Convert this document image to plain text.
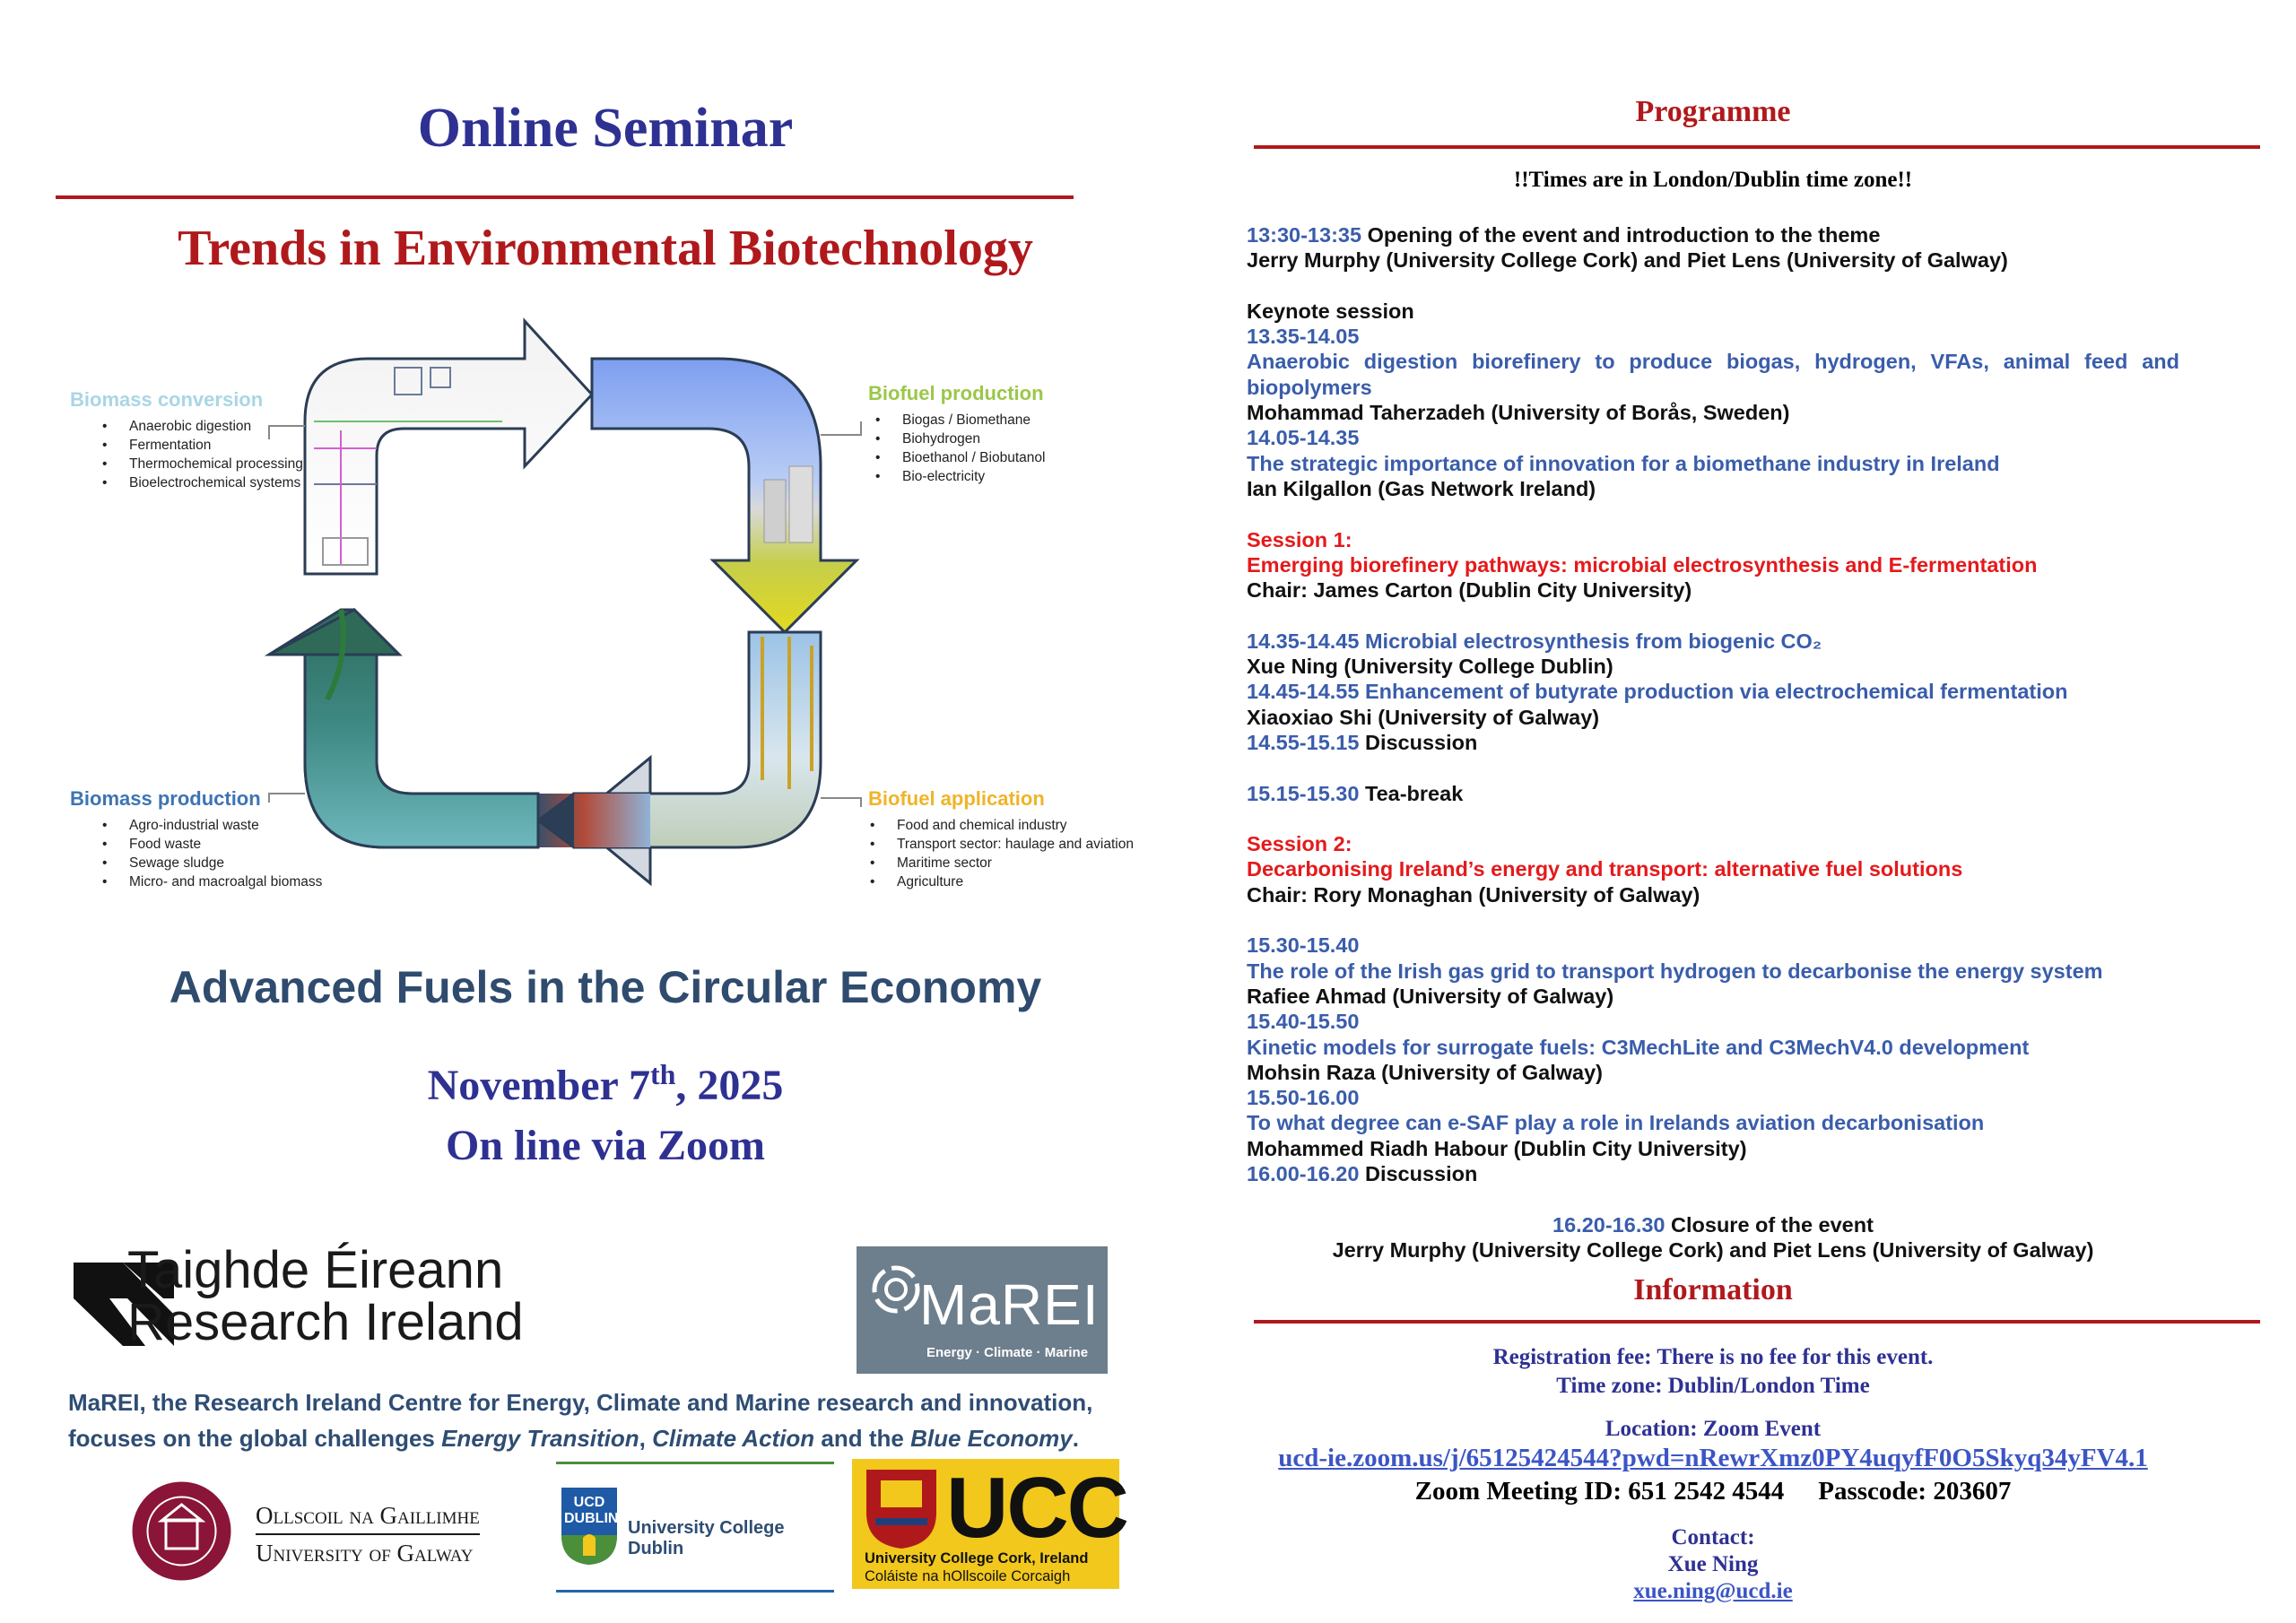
Online Seminar
Trends in Environmental Biotechnology
Biomass conversion
• Anaerobic digestion
• Fermentation
• Thermochemical processing
• Bioelectrochemical systems
Biofuel production
• Biogas / Biomethane
• Biohydrogen
• Bioethanol / Biobutanol
• Bio-electricity
Biomass production
• Agro-industrial waste
• Food waste
• Sewage sludge
• Micro- and macroalgal biomass
Biofuel application
• Food and chemical industry
• Transport sector: haulage and aviation
• Maritime sector
• Agriculture
Advanced Fuels in the Circular Economy
November 7th, 2025
On line via Zoom
Taighde Éireann
Research Ireland	MaREI
Energy · Climate · Marine
MaREI, the Research Ireland Centre for Energy, Climate and Marine research and innovation,
focuses on the global challenges Energy Transition, Climate Action and the Blue Economy.
Ollscoil na Gaillimhe
University of Galway
UCD DUBLIN University College Dublin	UCC
University College Cork, Ireland
Coláiste na hOllscoile Corcaigh
Programme
!!Times are in London/Dublin time zone!!
13:30-13:35 Opening of the event and introduction to the theme
Jerry Murphy (University College Cork) and Piet Lens (University of Galway)
Keynote session
13.35-14.05
Anaerobic digestion biorefinery to produce biogas, hydrogen, VFAs, animal feed and biopolymers
Mohammad Taherzadeh (University of Borås, Sweden)
14.05-14.35
The strategic importance of innovation for a biomethane industry in Ireland
Ian Kilgallon (Gas Network Ireland)
Session 1:
Emerging biorefinery pathways: microbial electrosynthesis and E-fermentation
Chair: James Carton (Dublin City University)
14.35-14.45 Microbial electrosynthesis from biogenic CO₂
Xue Ning (University College Dublin)
14.45-14.55 Enhancement of butyrate production via electrochemical fermentation
Xiaoxiao Shi (University of Galway)
14.55-15.15 Discussion
15.15-15.30 Tea-break
Session 2:
Decarbonising Ireland’s energy and transport: alternative fuel solutions
Chair: Rory Monaghan (University of Galway)
15.30-15.40
The role of the Irish gas grid to transport hydrogen to decarbonise the energy system
Rafiee Ahmad (University of Galway)
15.40-15.50
Kinetic models for surrogate fuels: C3MechLite and C3MechV4.0 development
Mohsin Raza (University of Galway)
15.50-16.00
To what degree can e-SAF play a role in Irelands aviation decarbonisation
Mohammed Riadh Habour (Dublin City University)
16.00-16.20 Discussion
16.20-16.30 Closure of the event
Jerry Murphy (University College Cork) and Piet Lens (University of Galway)
Information
Registration fee: There is no fee for this event.
Time zone: Dublin/London Time
Location: Zoom Event
ucd-ie.zoom.us/j/65125424544?pwd=nRewrXmz0PY4uqyfF0O5Skyq34yFV4.1
Zoom Meeting ID: 651 2542 4544 Passcode: 203607
Contact:
Xue Ning
xue.ning@ucd.ie
